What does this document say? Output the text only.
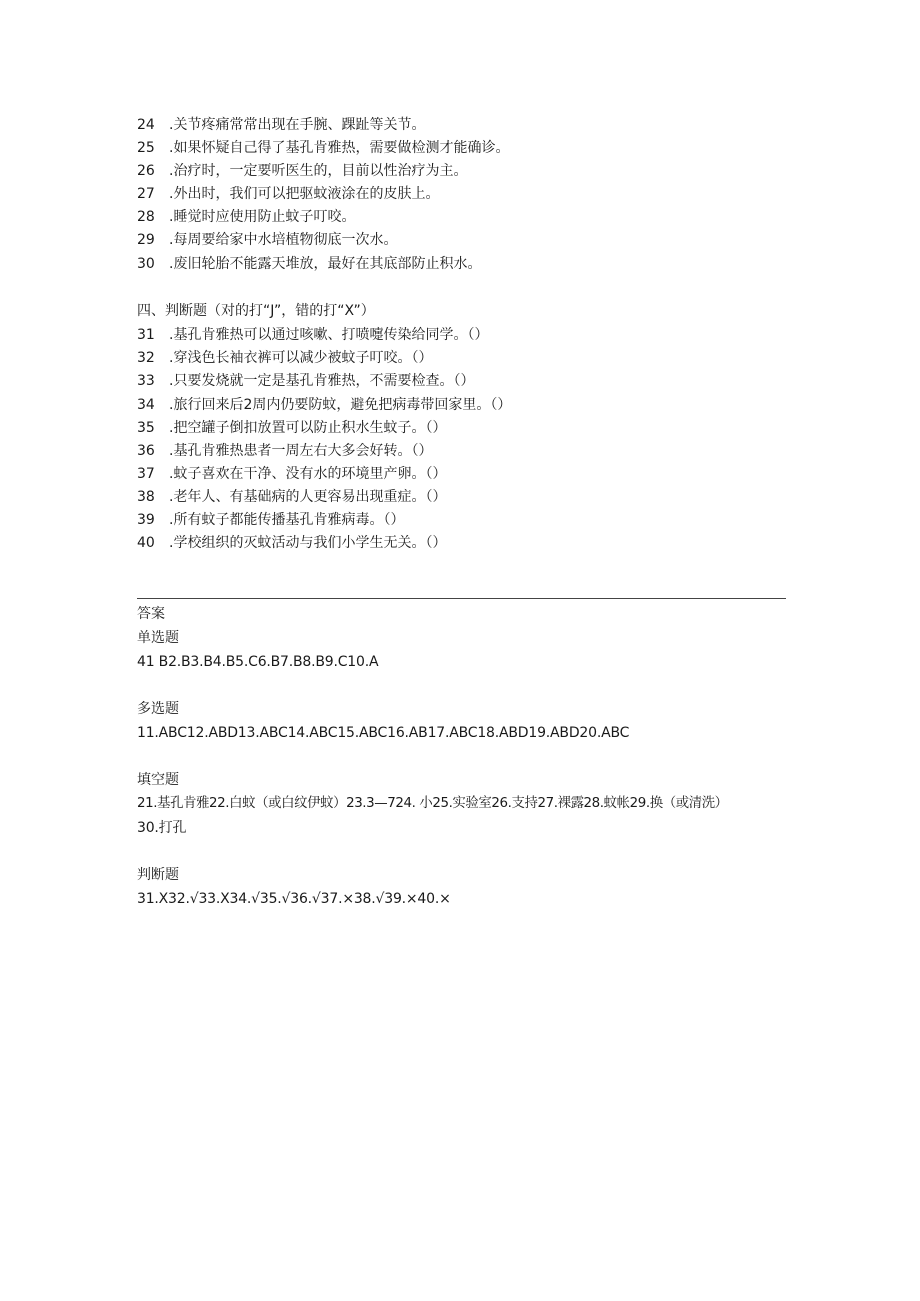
24 .关节疼痛常常出现在手腕、踝趾等关节。
25 .如果怀疑自己得了基孔肯雅热，需要做检测才能确诊。
26 .治疗时，一定要听医生的，目前以性治疗为主。
27 .外出时，我们可以把驱蚊液涂在的皮肤上。
28 .睡觉时应使用防止蚊子叮咬。
29 .每周要给家中水培植物彻底一次水。
30 .废旧轮胎不能露天堆放，最好在其底部防止积水。
四、判断题（对的打“J”，错的打“X”）
31 .基孔肯雅热可以通过咳嗽、打喷嚏传染给同学。（）
32 .穿浅色长袖衣裤可以减少被蚊子叮咬。（）
33 .只要发烧就一定是基孔肯雅热，不需要检查。（）
34 .旅行回来后2周内仍要防蚊，避免把病毒带回家里。（）
35 .把空罐子倒扣放置可以防止积水生蚊子。（）
36 .基孔肯雅热患者一周左右大多会好转。（）
37 .蚊子喜欢在干净、没有水的环境里产卵。（）
38 .老年人、有基础病的人更容易出现重症。（）
39 .所有蚊子都能传播基孔肯雅病毒。（）
40 .学校组织的灭蚊活动与我们小学生无关。（）
答案
单选题
41 B2.B3.B4.B5.C6.B7.B8.B9.C10.A
多选题
11.ABC12.ABD13.ABC14.ABC15.ABC16.AB17.ABC18.ABD19.ABD20.ABC
填空题
21.基孔肯雅22.白蚊（或白纹伊蚊）23.3—724. 小25.实验室26.支持27.裸露28.蚊帐29.换（或清洗）
30.打孔
判断题
31.X32.√33.X34.√35.√36.√37.×38.√39.×40.×
